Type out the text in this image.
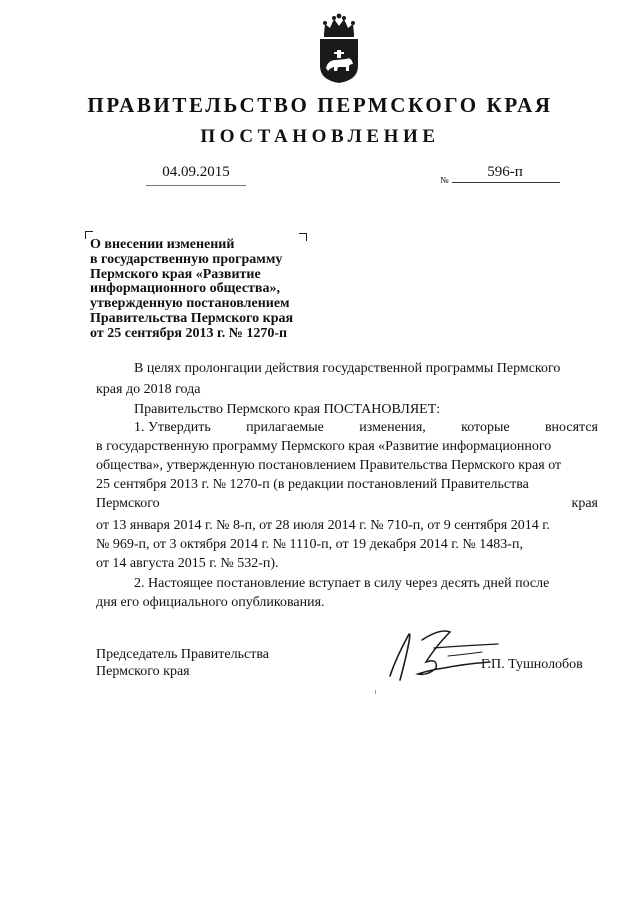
ПРАВИТЕЛЬСТВО ПЕРМСКОГО КРАЯ
ПОСТАНОВЛЕНИЕ
04.09.2015	№	596-п
О внесении изменений
в государственную программу
Пермского края «Развитие
информационного общества»,
утвержденную постановлением
Правительства Пермского края
от 25 сентября 2013 г. № 1270-п
В целях пролонгации действия государственной программы Пермского
края до 2018 года
Правительство Пермского края ПОСТАНОВЛЯЕТ:
1. Утвердить	прилагаемые	изменения,	которые	вносятся
в государственную программу Пермского края «Развитие информационного
общества», утвержденную постановлением Правительства Пермского края от
25 сентября 2013 г. № 1270-п (в редакции постановлений Правительства
Пермского	края
от 13 января 2014 г. № 8-п, от 28 июля 2014 г. № 710-п, от 9 сентября 2014 г.
№ 969-п, от 3 октября 2014 г. № 1110-п, от 19 декабря 2014 г. № 1483-п,
от 14 августа 2015 г. № 532-п).
2. Настоящее постановление вступает в силу через десять дней после
дня его официального опубликования.
Председатель Правительства
Пермского края	Г.П. Тушнолобов
